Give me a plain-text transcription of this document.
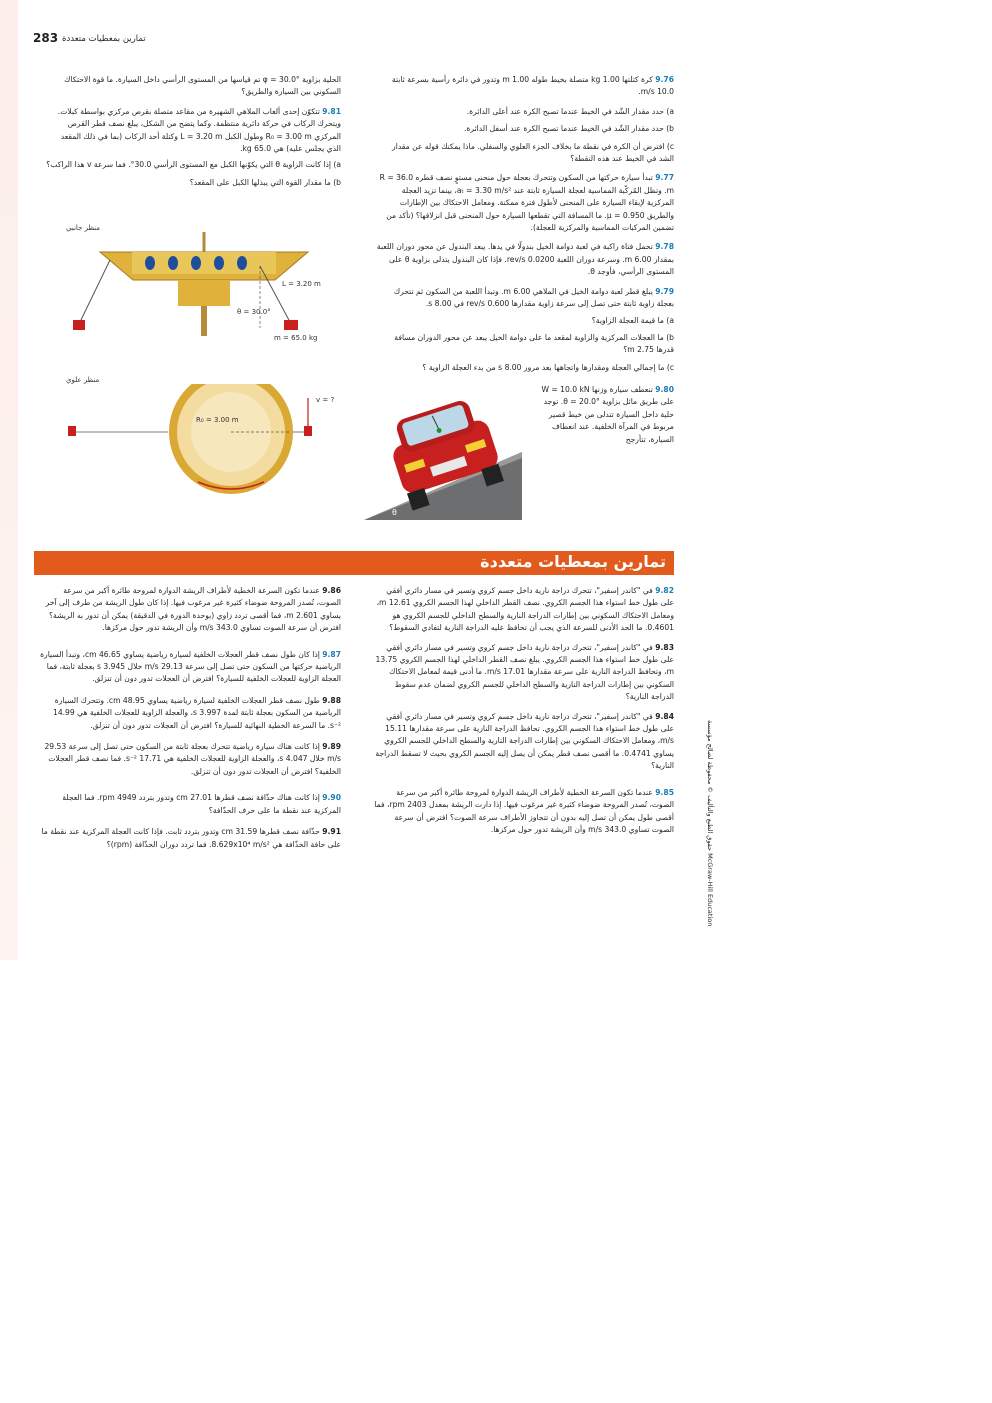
283 تمارين بمعطيات متعددة
9.76 كرة كتلتها 1.00 kg متصلة بخيط طوله 1.00 m وتدور في دائرة رأسية بسرعة ثابتة 10.0 m/s.
a) حدد مقدار الشّد في الخيط عندما تصبح الكرة عند أعلى الدائرة.
b) حدد مقدار الشّد في الخيط عندما تصبح الكرة عند أسفل الدائرة.
c) افترض أن الكرة في نقطة ما بخلاف الجزء العلوي والسفلي. ماذا يمكنك قوله عن مقدار الشد في الخيط عند هذه النقطة؟
9.77 تبدأ سيارة حركتها من السكون وتتحرك بعجلة حول منحنى مستوٍ نصف قطره R = 36.0 m. وتظل المُركّبة المماسية لعجلة السيارة ثابتة عند aₜ = 3.30 m/s²، بينما تزيد العجلة المركزية لإبقاء السيارة على المنحنى لأطول فترة ممكنة. ومعامل الاحتكاك بين الإطارات والطريق μ = 0.950. ما المسافة التي تقطعها السيارة حول المنحنى قبل انزلاقها؟ (تأكد من تضمين المركبات المماسية والمركزية للعجلة).
9.78 تحمل فتاة راكبة في لعبة دوامة الخيل بندولًا في يدها. يبعد البندول عن محور دوران اللعبة بمقدار 6.00 m. وسرعة دوران اللعبة 0.0200 rev/s. فإذا كان البندول يتدلى بزاوية θ على المستوى الرأسي، فأوجد θ.
9.79 يبلغ قطر لعبة دوامة الخيل في الملاهي 6.00 m. وتبدأ اللعبة من السكون ثم تتحرك بعجلة زاوية ثابتة حتى تصل إلى سرعة زاوية مقدارها 0.600 rev/s في 8.00 s.
a) ما قيمة العجلة الزاوية؟
b) ما العجلات المركزية والزاوية لمقعد ما على دوامة الخيل يبعد عن محور الدوران مسافة قدرها 2.75 m؟
c) ما إجمالي العجلة ومقدارها واتجاهها بعد مرور 8.00 s من بدء العجلة الزاوية ؟
9.80 تنعطف سيارة وزنها W = 10.0 kN على طريق مائل بزاوية θ = 20.0°. توجد حلية داخل السيارة تتدلى من خيط قصير مربوط في المرآة الخلفية. عند انعطاف السيارة، تتأرجح
θ
الحلية بزاوية φ = 30.0° تم قياسها من المستوى الرأسي داخل السيارة. ما قوة الاحتكاك السكوني بين السيارة والطريق؟
9.81 تتكوّن إحدى ألعاب الملاهي الشهيرة من مقاعد متصلة بقرص مركزي بواسطة كبلات. ويتحرك الركاب في حركة دائرية منتظمة. وكما يتضح من الشكل، يبلغ نصف قطر القرص المركزي R₀ = 3.00 m وطول الكبل L = 3.20 m وكتلة أحد الركاب (بما في ذلك المقعد الذي يجلس عليه) هي 65.0 kg.
a) إذا كانت الزاوية θ التي يكوّنها الكبل مع المستوى الرأسي 30.0°. فما سرعة v هذا الراكب؟
b) ما مقدار القوة التي يبذلها الكبل على المقعد؟
منظر جانبي
L = 3.20 m
θ = 30.0°
m = 65.0 kg
منظر علوي
R₀ = 3.00 m
v = ?
تمارين بمعطيات متعددة
9.82 في "كاندر إسفير"، تتحرك دراجة نارية داخل جسم كروي وتسير في مسار دائري أفقي على طول خط استواء هذا الجسم الكروي. نصف القطر الداخلي لهذا الجسم الكروي 12.61 m، ومعامل الاحتكاك السكوني بين إطارات الدراجة النارية والسطح الداخلي للجسم الكروي هو 0.4601. ما الحد الأدنى للسرعة الذي يجب أن تحافظ عليه الدراجة النارية لتفادي السقوط؟
9.83 في "كاندر إسفير"، تتحرك دراجة نارية داخل جسم كروي وتسير في مسار دائري أفقي على طول خط استواء هذا الجسم الكروي. يبلغ نصف القطر الداخلي لهذا الجسم الكروي 13.75 m، وتحافظ الدراجة النارية على سرعة مقدارها 17.01 m/s. ما أدنى قيمة لمعامل الاحتكاك السكوني بين إطارات الدراجة النارية والسطح الداخلي للجسم الكروي لضمان عدم سقوط الدراجة النارية؟
9.84 في "كاندر إسفير"، تتحرك دراجة نارية داخل جسم كروي وتسير في مسار دائري أفقي على طول خط استواء هذا الجسم الكروي. تحافظ الدراجة النارية على سرعة مقدارها 15.11 m/s، ومعامل الاحتكاك السكوني بين إطارات الدراجة النارية والسطح الداخلي للجسم الكروي يساوي 0.4741. ما أقصى نصف قطر يمكن أن يصل إليه الجسم الكروي بحيث لا تسقط الدراجة النارية؟
9.85 عندما تكون السرعة الخطية لأطراف الريشة الدوارة لمروحة طائرة أكبر من سرعة الصوت، تُصدر المروحة ضوضاء كثيرة غير مرغوب فيها. إذا دارت الريشة بمعدل 2403 rpm، فما أقصى طول يمكن أن تصل إليه بدون أن تتجاوز الأطراف سرعة الصوت؟ افترض أن سرعة الصوت تساوي 343.0 m/s وأن الريشة تدور حول مركزها.
9.86 عندما تكون السرعة الخطية لأطراف الريشة الدوارة لمروحة طائرة أكبر من سرعة الصوت، تُصدر المروحة ضوضاء كثيرة غير مرغوب فيها. إذا كان طول الريشة من طرف إلى آخر يساوي 2.601 m، فما أقصى تردد زاوي (بوحدة الدورة في الدقيقة) يمكن أن تدور به الريشة؟ افترض أن سرعة الصوت تساوي 343.0 m/s وأن الريشة تدور حول مركزها.
9.87 إذا كان طول نصف قطر العجلات الخلفية لسيارة رياضية يساوي 46.65 cm، وتبدأ السيارة الرياضية حركتها من السكون حتى تصل إلى سرعة 29.13 m/s خلال 3.945 s بعجلة ثابتة، فما العجلة الزاوية للعجلات الخلفية للسيارة؟ افترض أن العجلات تدور دون أن تنزلق.
9.88 طول نصف قطر العجلات الخلفية لسيارة رياضية يساوي 48.95 cm. وتتحرك السيارة الرياضية من السكون بعجلة ثابتة لمدة 3.997 s، والعجلة الزاوية للعجلات الخلفية هي 14.99 s⁻². ما السرعة الخطية النهائية للسيارة؟ افترض أن العجلات تدور دون أن تنزلق.
9.89 إذا كانت هناك سيارة رياضية تتحرك بعجلة ثابتة من السكون حتى تصل إلى سرعة 29.53 m/s خلال 4.047 s، والعجلة الزاوية للعجلات الخلفية هي 17.71 s⁻². فما نصف قطر العجلات الخلفية؟ افترض أن العجلات تدور دون أن تنزلق.
9.90 إذا كانت هناك حذّافة نصف قطرها 27.01 cm وتدور بتردد 4949 rpm. فما العجلة المركزية عند نقطة ما على حرف الحذّافة؟
9.91 حذّافة نصف قطرها 31.59 cm وتدور بتردد ثابت. فإذا كانت العجلة المركزية عند نقطة ما على حافة الحذّافة هي 8.629x10⁴ m/s². فما تردد دوران الحذّافة (rpm)؟	حقوق الطبع والتأليف © محفوظة لصالح مؤسسة McGraw-Hill Education
